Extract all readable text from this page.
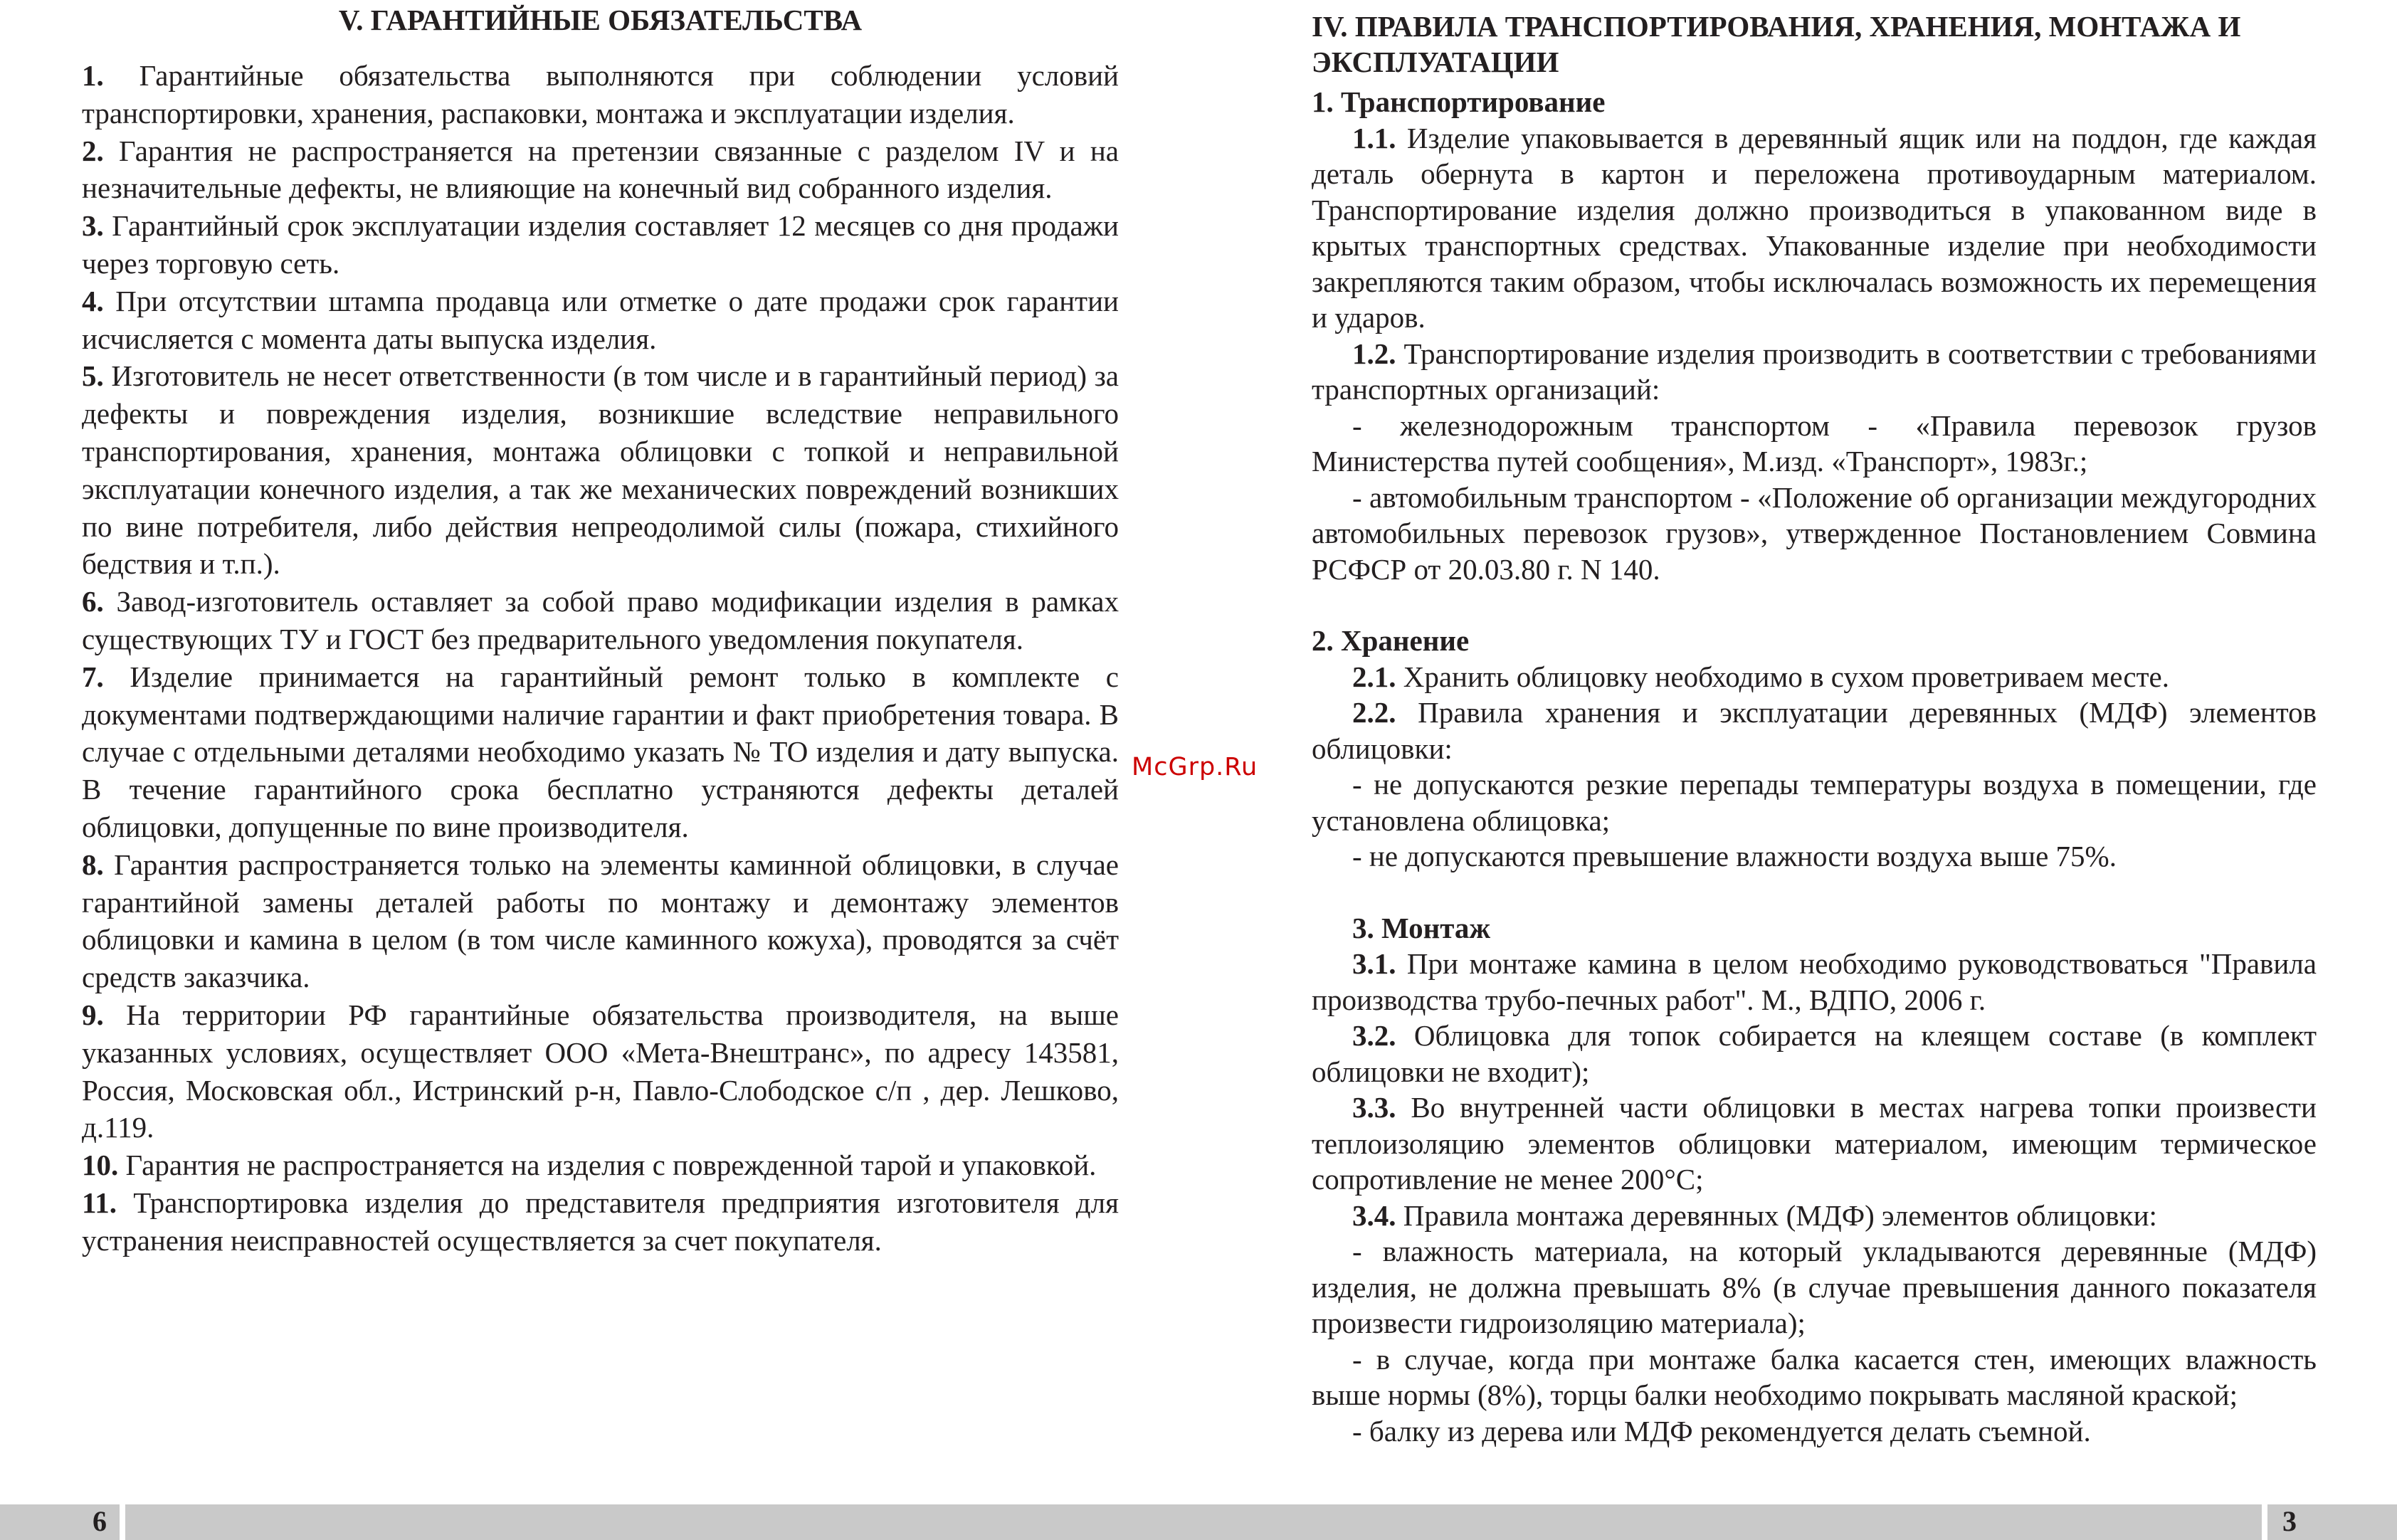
V. ГАРАНТИЙНЫЕ ОБЯЗАТЕЛЬСТВА

1. Гарантийные обязательства выполняются при соблюдении условий транспортировки, хранения, распаковки, монтажа и эксплуатации изделия.

2. Гарантия не распространяется на претензии связанные с разделом IV и на незначительные дефекты, не влияющие на конечный вид собранного изделия.

3. Гарантийный срок эксплуатации изделия составляет 12 месяцев со дня продажи через торговую сеть.

4. При отсутствии штампа продавца или отметке о дате продажи срок гарантии исчисляется с момента даты выпуска изделия.

5. Изготовитель не несет ответственности (в том числе и в гарантийный период) за дефекты и повреждения изделия, возникшие вследствие неправильного транспортирования, хранения, монтажа облицовки с топкой и неправильной эксплуатации конечного изделия, а так же механических повреждений возникших по вине потребителя, либо действия непреодолимой силы (пожара, стихийного бедствия и т.п.).

6. Завод-изготовитель оставляет за собой право модификации изделия в рамках существующих ТУ и ГОСТ без предварительного уведомления покупателя.

7. Изделие принимается на гарантийный ремонт только в комплекте с документами подтверждающими наличие гарантии и факт приобретения товара. В случае с отдельными деталями необходимо указать № ТО изделия и дату выпуска. В течение гарантийного срока бесплатно устраняются дефекты деталей облицовки, допущенные по вине производителя.

8. Гарантия распространяется только на элементы каминной облицовки, в случае гарантийной замены деталей работы по монтажу и демонтажу элементов облицовки и камина в целом (в том числе каминного кожуха), проводятся за счёт средств заказчика.

9. На территории РФ гарантийные обязательства производителя, на выше указанных условиях, осуществляет ООО «Мета-Внештранс», по адресу 143581, Россия, Московская обл., Истринский р-н, Павло-Слободское с/п , дер. Лешково, д.119.

10. Гарантия не распространяется на изделия с поврежденной тарой и упаковкой.

11. Транспортировка изделия до представителя предприятия изготовителя для устранения неисправностей осуществляется за счет покупателя.

6
McGrp.Ru
IV. ПРАВИЛА ТРАНСПОРТИРОВАНИЯ, ХРАНЕНИЯ, МОНТАЖА И ЭКСПЛУАТАЦИИ

1. Транспортирование

1.1. Изделие упаковывается в деревянный ящик или на поддон, где каждая деталь обернута в картон и переложена противоударным материалом. Транспортирование изделия должно производиться в упакованном виде в крытых транспортных средствах. Упакованные изделие при необходимости закрепляются таким образом, чтобы исключалась возможность их перемещения и ударов.

1.2. Транспортирование изделия производить в соответствии с требованиями транспортных организаций:

- железнодорожным транспортом - «Правила перевозок грузов Министерства путей сообщения», М.изд. «Транспорт», 1983г.;

- автомобильным транспортом - «Положение об организации междугородних автомобильных перевозок грузов», утвержденное Постановлением Совмина РСФСР от 20.03.80 г. N 140.

2. Хранение

2.1. Хранить облицовку необходимо в сухом проветриваем месте.

2.2. Правила хранения и эксплуатации деревянных (МДФ) элементов облицовки:

- не допускаются резкие перепады температуры воздуха в помещении, где установлена облицовка;

- не допускаются превышение влажности воздуха выше 75%.

3. Монтаж

3.1. При монтаже камина в целом необходимо руководствоваться "Правила производства трубо-печных работ". М., ВДПО, 2006 г.

3.2. Облицовка для топок собирается на клеящем составе (в комплект облицовки не входит);

3.3. Во внутренней части облицовки в местах нагрева топки произвести теплоизоляцию элементов облицовки материалом, имеющим термическое сопротивление не менее 200°С;

3.4. Правила монтажа деревянных (МДФ) элементов облицовки:

- влажность материала, на который укладываются деревянные (МДФ) изделия, не должна превышать 8% (в случае превышения данного показателя произвести гидроизоляцию материала);

- в случае, когда при монтаже балка касается стен, имеющих влажность выше нормы (8%), торцы балки необходимо покрывать масляной краской;

- балку из дерева или МДФ рекомендуется делать съемной.

3
